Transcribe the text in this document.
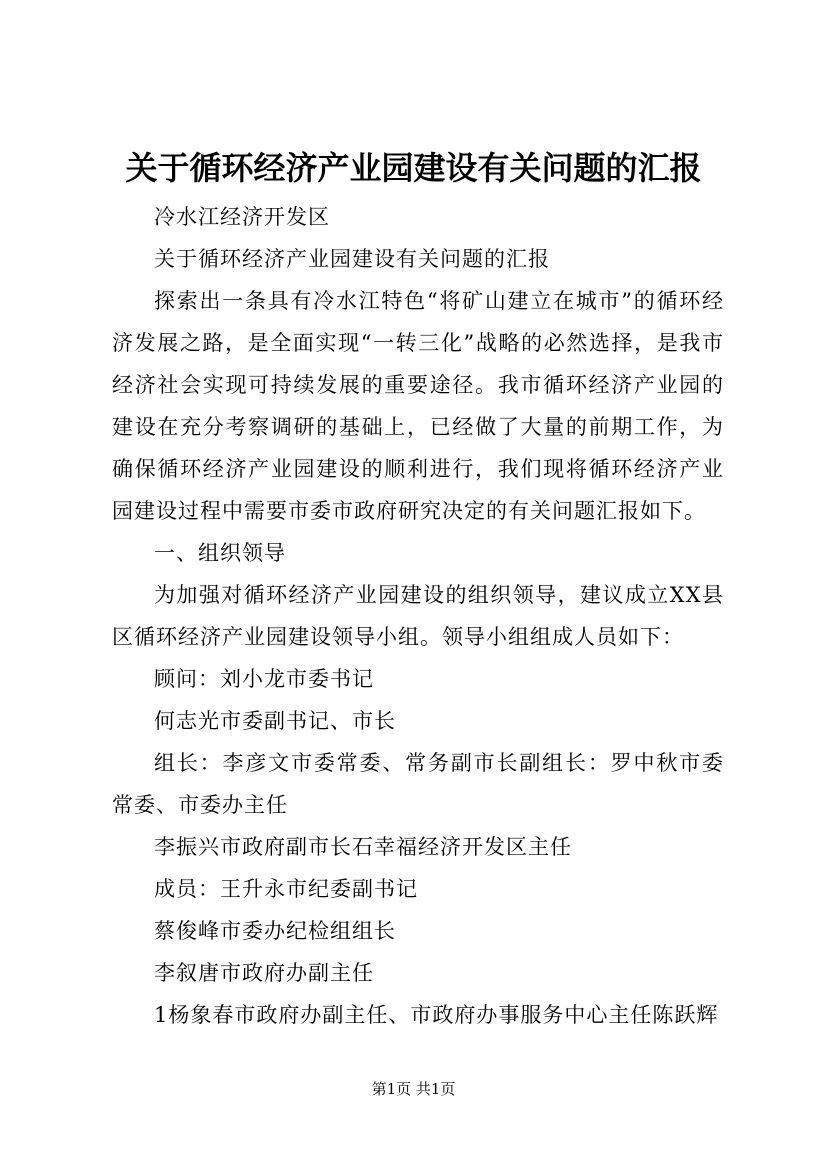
关于循环经济产业园建设有关问题的汇报

冷水江经济开发区

关于循环经济产业园建设有关问题的汇报

探索出一条具有冷水江特色“将矿山建立在城市”的循环经济发展之路，是全面实现“一转三化”战略的必然选择，是我市经济社会实现可持续发展的重要途径。我市循环经济产业园的建设在充分考察调研的基础上，已经做了大量的前期工作，为确保循环经济产业园建设的顺利进行，我们现将循环经济产业园建设过程中需要市委市政府研究决定的有关问题汇报如下。

一、组织领导

为加强对循环经济产业园建设的组织领导，建议成立XX县区循环经济产业园建设领导小组。领导小组组成人员如下：

顾问：刘小龙市委书记

何志光市委副书记、市长

组长：李彦文市委常委、常务副市长副组长：罗中秋市委常委、市委办主任

李振兴市政府副市长石幸福经济开发区主任

成员：王升永市纪委副书记

蔡俊峰市委办纪检组组长

李叙唐市政府办副主任

1杨象春市政府办副主任、市政府办事服务中心主任陈跃辉

第1页 共1页
